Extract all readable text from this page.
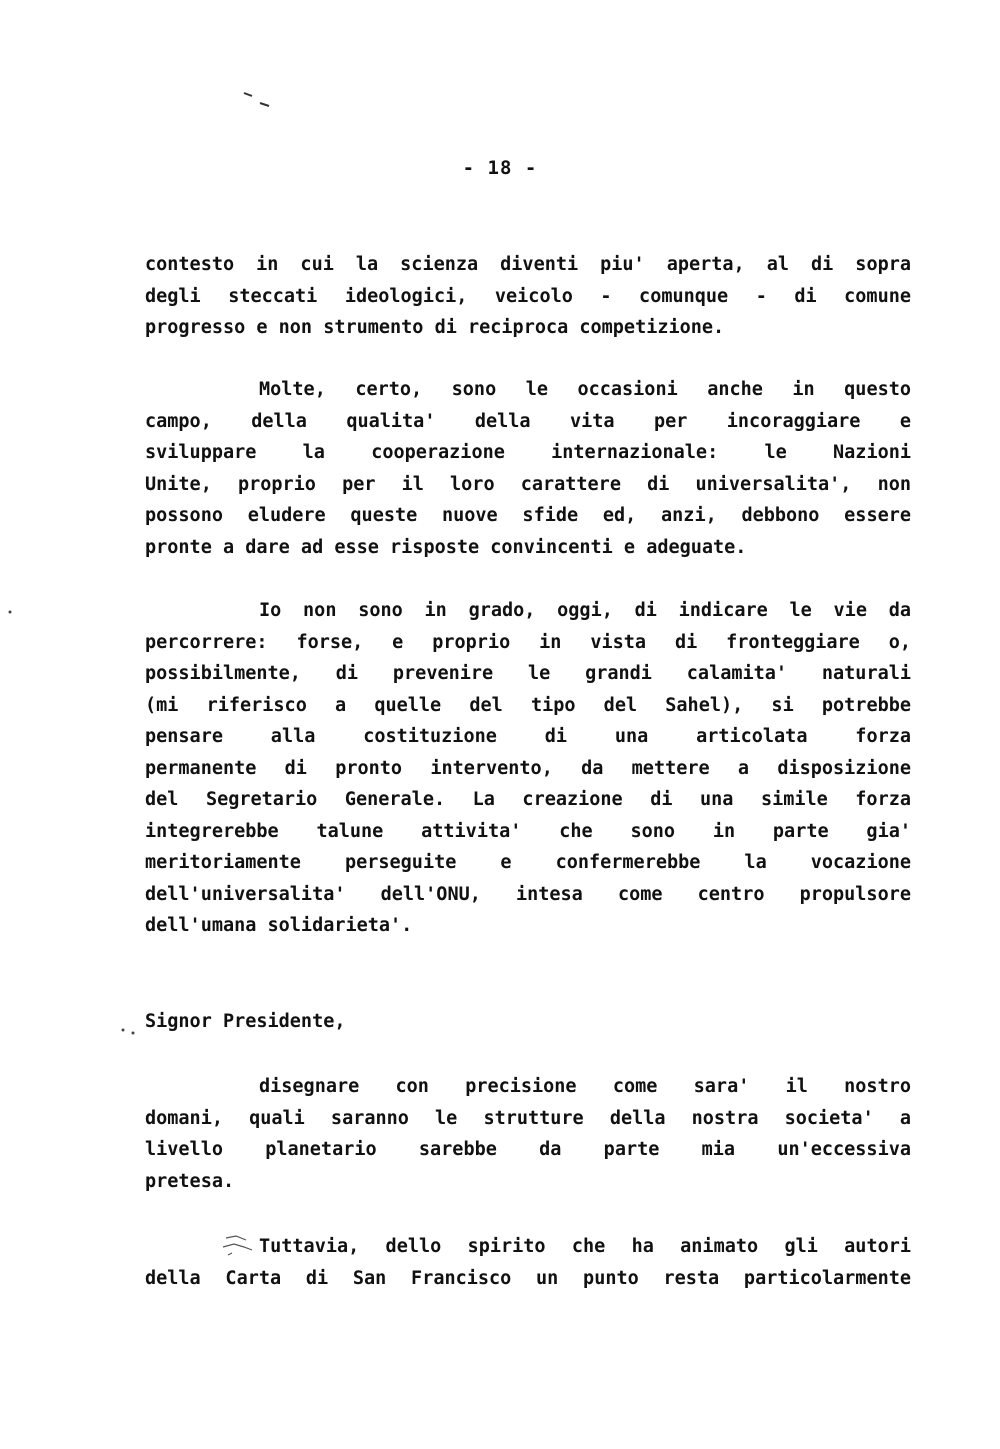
- 18 -
contesto in cui la scienza diventi piu' aperta, al di sopra
degli steccati ideologici, veicolo - comunque - di comune
progresso e non strumento di reciproca competizione.
Molte, certo, sono le occasioni anche in questo
campo, della qualita' della vita per incoraggiare e
sviluppare la cooperazione internazionale: le Nazioni
Unite, proprio per il loro carattere di universalita', non
possono eludere queste nuove sfide ed, anzi, debbono essere
pronte a dare ad esse risposte convincenti e adeguate.
Io non sono in grado, oggi, di indicare le vie da
percorrere: forse, e proprio in vista di fronteggiare o,
possibilmente, di prevenire le grandi calamita' naturali
(mi riferisco a quelle del tipo del Sahel), si potrebbe
pensare alla costituzione di una articolata forza
permanente di pronto intervento, da mettere a disposizione
del Segretario Generale. La creazione di una simile forza
integrerebbe talune attivita' che sono in parte gia'
meritoriamente perseguite e confermerebbe la vocazione
dell'universalita' dell'ONU, intesa come centro propulsore
dell'umana solidarieta'.
Signor Presidente,
disegnare con precisione come sara' il nostro
domani, quali saranno le strutture della nostra societa' a
livello planetario sarebbe da parte mia un'eccessiva
pretesa.
Tuttavia, dello spirito che ha animato gli autori
della Carta di San Francisco un punto resta particolarmente
